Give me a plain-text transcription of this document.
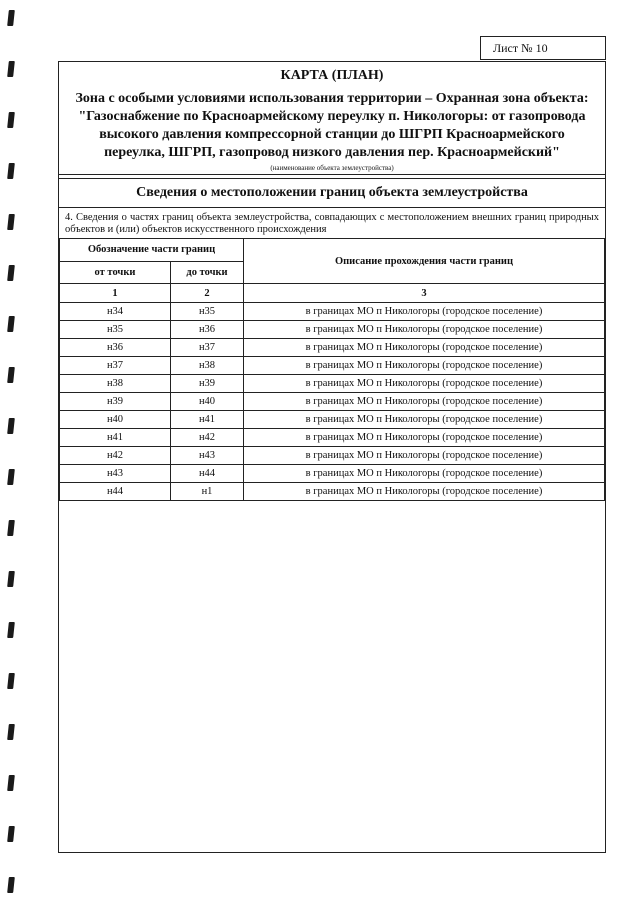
Лист № 10
КАРТА (ПЛАН)
Зона с особыми условиями использования территории – Охранная зона объекта:
"Газоснабжение по Красноармейскому переулку п. Никологоры: от газопровода
высокого давления компрессорной станции до ШГРП Красноармейского
переулка, ШГРП, газопровод низкого давления пер. Красноармейский"
(наименование объекта землеустройства)
Сведения о местоположении границ объекта землеустройства
4. Сведения о частях границ объекта землеустройства, совпадающих с местоположением внешних границ природных объектов и (или) объектов искусственного происхождения
Обозначение части границ		Описание прохождения части границ
от точки	до точки	
1	2	3
н34	н35	в границах МО п Никологоры (городское поселение)
н35	н36	в границах МО п Никологоры (городское поселение)
н36	н37	в границах МО п Никологоры (городское поселение)
н37	н38	в границах МО п Никологоры (городское поселение)
н38	н39	в границах МО п Никологоры (городское поселение)
н39	н40	в границах МО п Никологоры (городское поселение)
н40	н41	в границах МО п Никологоры (городское поселение)
н41	н42	в границах МО п Никологоры (городское поселение)
н42	н43	в границах МО п Никологоры (городское поселение)
н43	н44	в границах МО п Никологоры (городское поселение)
н44	н1	в границах МО п Никологоры (городское поселение)
